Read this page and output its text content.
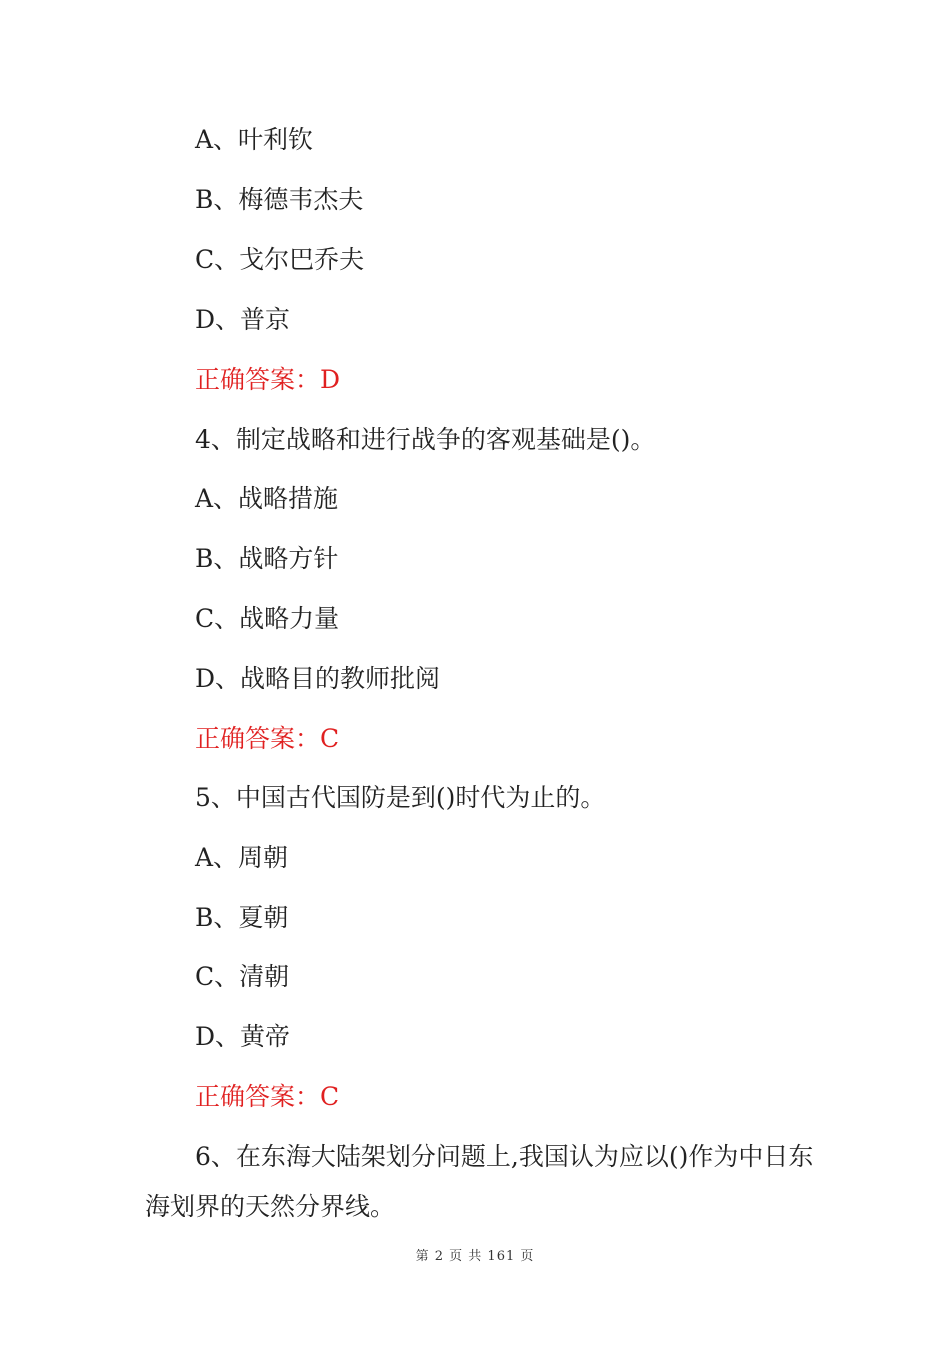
A、叶利钦
B、梅德韦杰夫
C、戈尔巴乔夫
D、普京
正确答案：D
4、制定战略和进行战争的客观基础是()。
A、战略措施
B、战略方针
C、战略力量
D、战略目的教师批阅
正确答案：C
5、中国古代国防是到()时代为止的。
A、周朝
B、夏朝
C、清朝
D、黄帝
正确答案：C
6、在东海大陆架划分问题上,我国认为应以()作为中日东海划界的天然分界线。
第 2 页 共 161 页
